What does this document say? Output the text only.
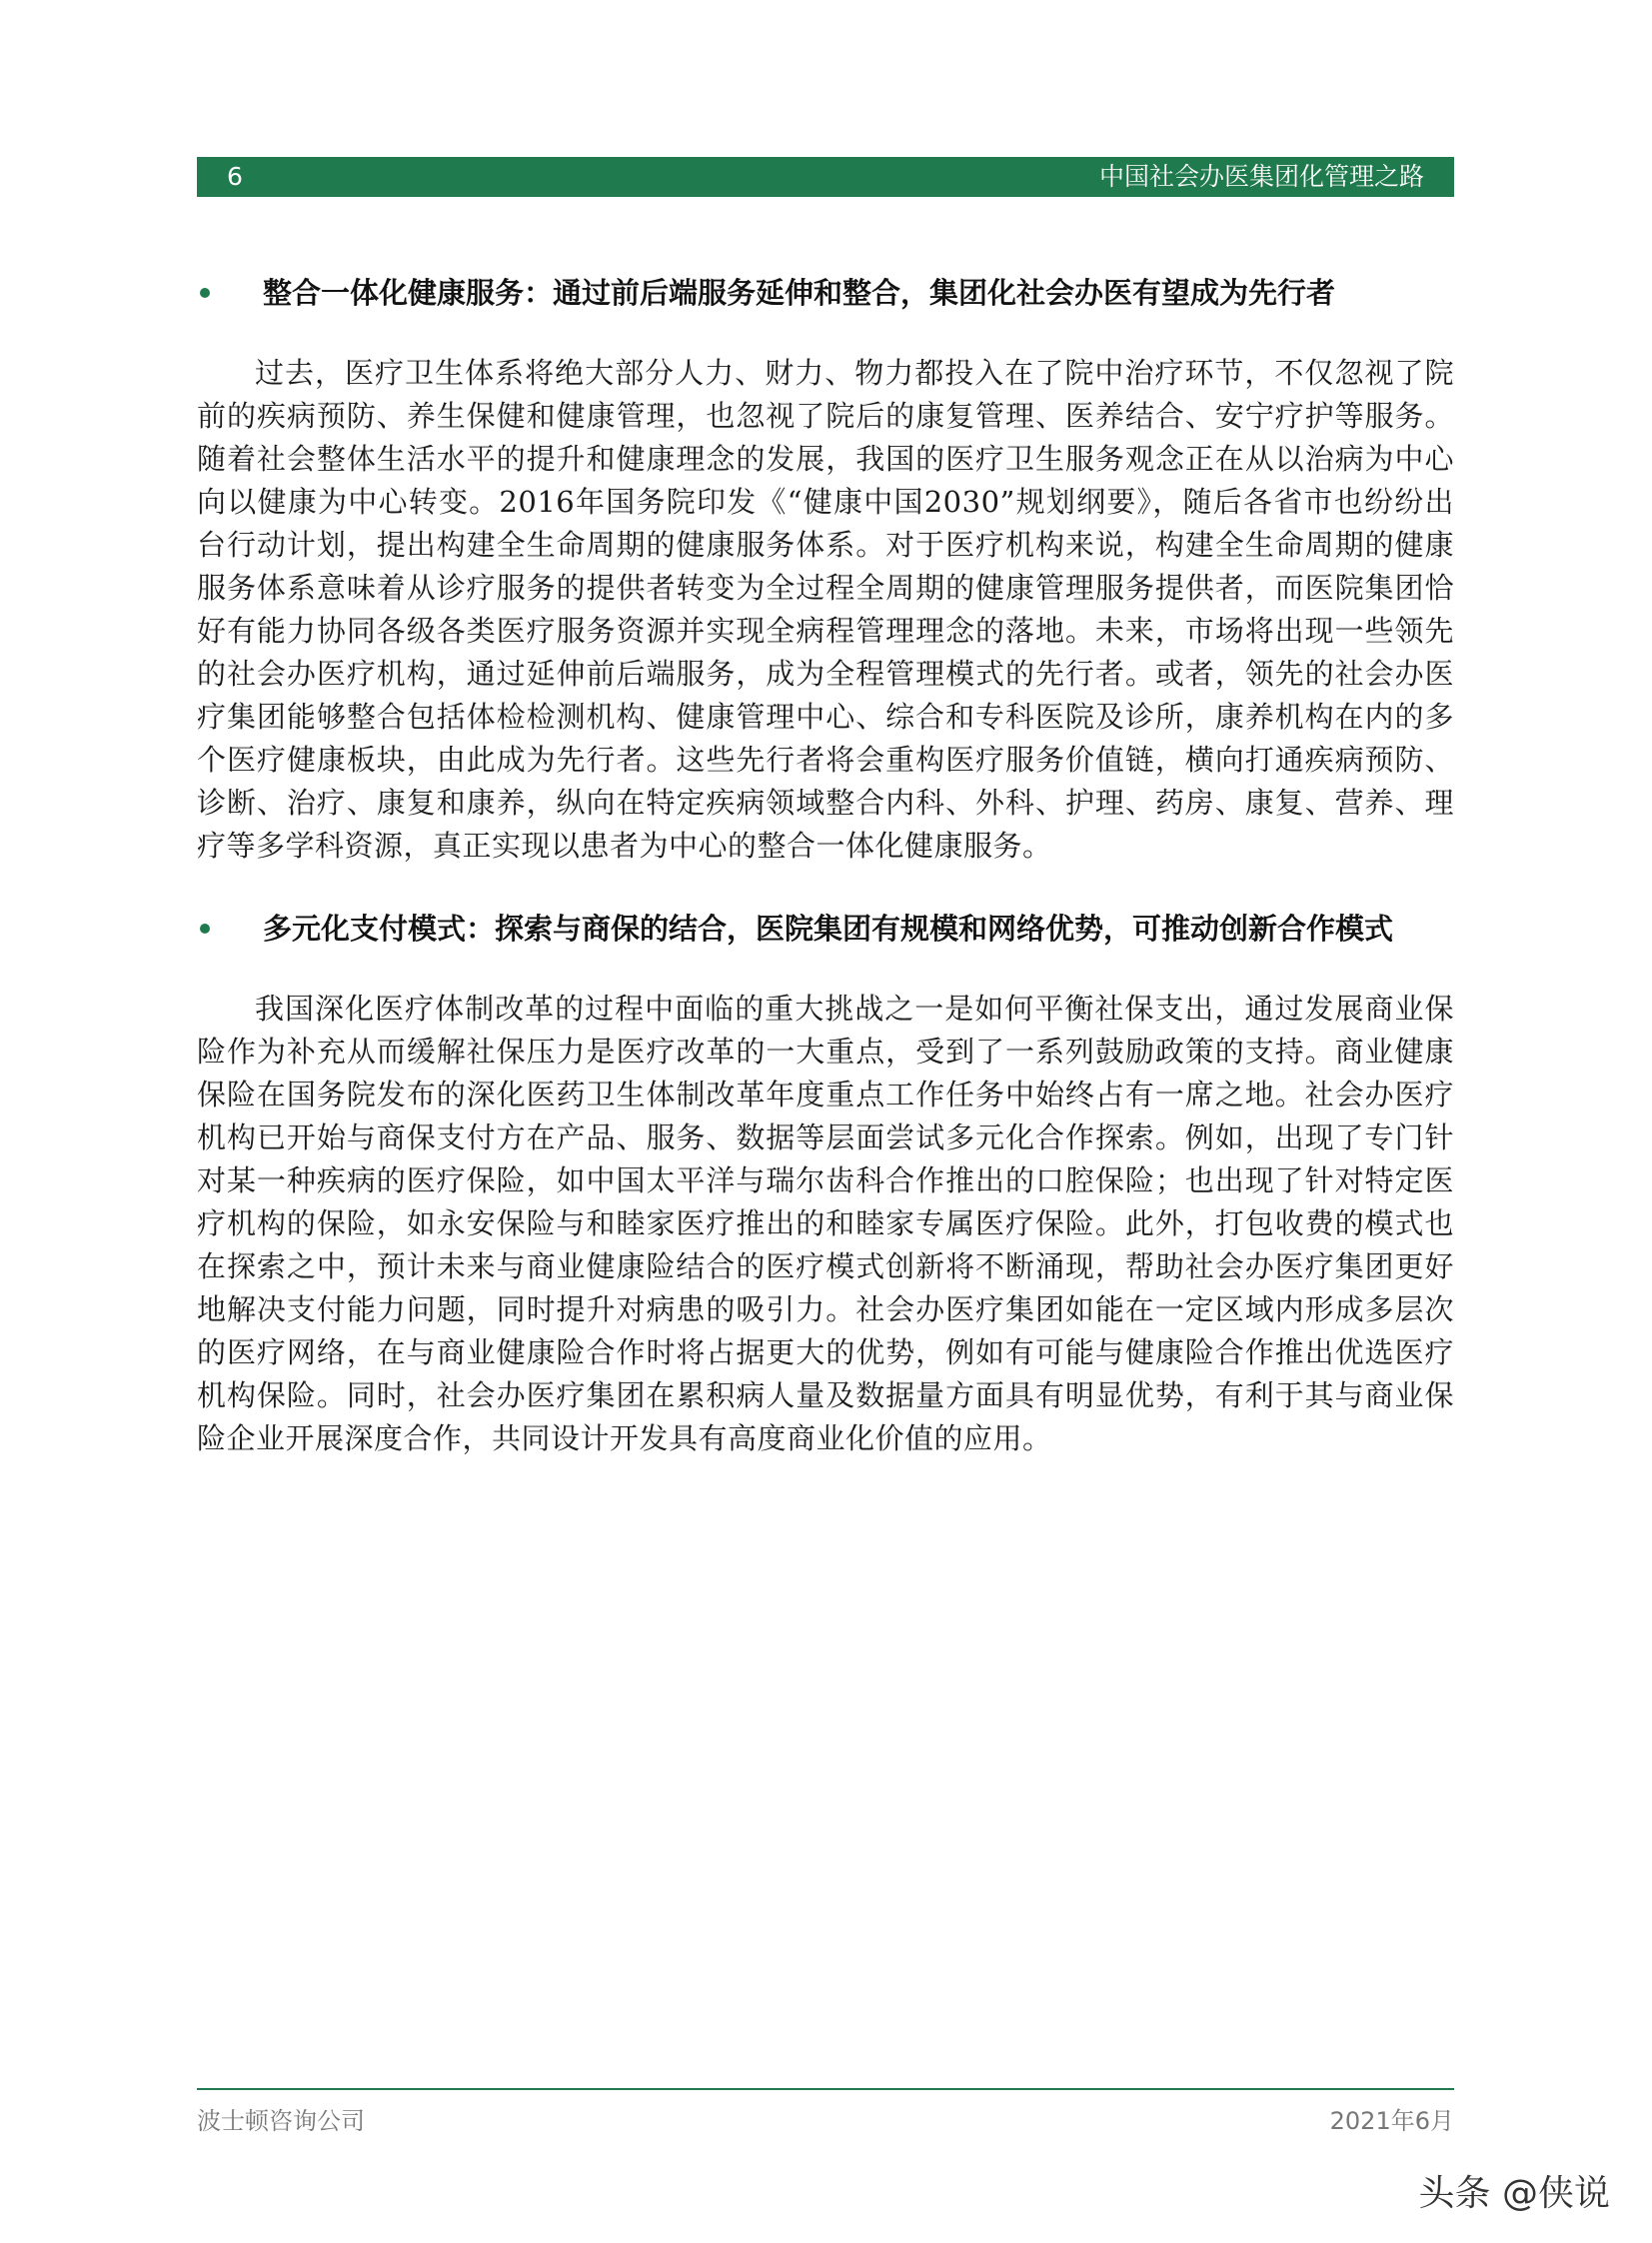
6	中国社会办医集团化管理之路
整合一体化健康服务：通过前后端服务延伸和整合，集团化社会办医有望成为先行者

过去，医疗卫生体系将绝大部分人力、财力、物力都投入在了院中治疗环节，不仅忽视了院前的疾病预防、养生保健和健康管理，也忽视了院后的康复管理、医养结合、安宁疗护等服务。随着社会整体生活水平的提升和健康理念的发展，我国的医疗卫生服务观念正在从以治病为中心向以健康为中心转变。2016年国务院印发《“健康中国2030”规划纲要》，随后各省市也纷纷出台行动计划，提出构建全生命周期的健康服务体系。对于医疗机构来说，构建全生命周期的健康服务体系意味着从诊疗服务的提供者转变为全过程全周期的健康管理服务提供者，而医院集团恰好有能力协同各级各类医疗服务资源并实现全病程管理理念的落地。未来，市场将出现一些领先的社会办医疗机构，通过延伸前后端服务，成为全程管理模式的先行者。或者，领先的社会办医疗集团能够整合包括体检检测机构、健康管理中心、综合和专科医院及诊所，康养机构在内的多个医疗健康板块，由此成为先行者。这些先行者将会重构医疗服务价值链，横向打通疾病预防、诊断、治疗、康复和康养，纵向在特定疾病领域整合内科、外科、护理、药房、康复、营养、理疗等多学科资源，真正实现以患者为中心的整合一体化健康服务。

多元化支付模式：探索与商保的结合，医院集团有规模和网络优势，可推动创新合作模式

我国深化医疗体制改革的过程中面临的重大挑战之一是如何平衡社保支出，通过发展商业保险作为补充从而缓解社保压力是医疗改革的一大重点，受到了一系列鼓励政策的支持。商业健康保险在国务院发布的深化医药卫生体制改革年度重点工作任务中始终占有一席之地。社会办医疗机构已开始与商保支付方在产品、服务、数据等层面尝试多元化合作探索。例如，出现了专门针对某一种疾病的医疗保险，如中国太平洋与瑞尔齿科合作推出的口腔保险；也出现了针对特定医疗机构的保险，如永安保险与和睦家医疗推出的和睦家专属医疗保险。此外，打包收费的模式也在探索之中，预计未来与商业健康险结合的医疗模式创新将不断涌现，帮助社会办医疗集团更好地解决支付能力问题，同时提升对病患的吸引力。社会办医疗集团如能在一定区域内形成多层次的医疗网络，在与商业健康险合作时将占据更大的优势，例如有可能与健康险合作推出优选医疗机构保险。同时，社会办医疗集团在累积病人量及数据量方面具有明显优势，有利于其与商业保险企业开展深度合作，共同设计开发具有高度商业化价值的应用。

波士顿咨询公司	2021年6月
头条 @侠说
